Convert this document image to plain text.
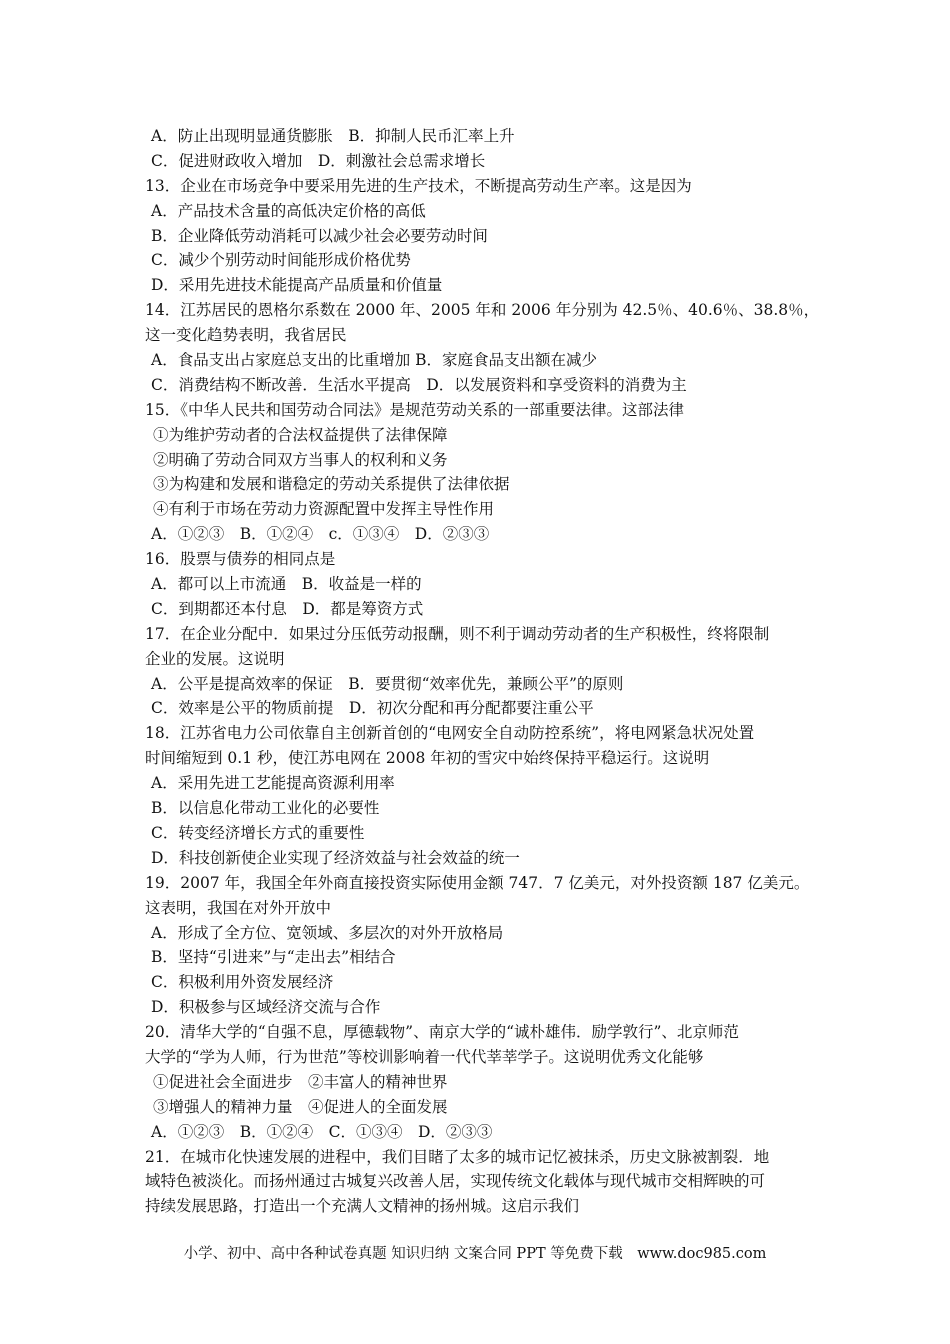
A．防止出现明显通货膨胀　B．抑制人民币汇率上升
C．促进财政收入增加　D．刺激社会总需求增长
13．企业在市场竞争中要采用先进的生产技术，不断提高劳动生产率。这是因为
A．产品技术含量的高低决定价格的高低
B．企业降低劳动消耗可以减少社会必要劳动时间
C．减少个别劳动时间能形成价格优势
D．采用先进技术能提高产品质量和价值量
14．江苏居民的恩格尔系数在 2000 年、2005 年和 2006 年分别为 42.5％、40.6％、38.8％，
这一变化趋势表明，我省居民
A．食品支出占家庭总支出的比重增加 B．家庭食品支出额在减少
C．消费结构不断改善．生活水平提高　D．以发展资料和享受资料的消费为主
15．《中华人民共和国劳动合同法》是规范劳动关系的一部重要法律。这部法律
①为维护劳动者的合法权益提供了法律保障
②明确了劳动合同双方当事人的权利和义务
③为构建和发展和谐稳定的劳动关系提供了法律依据
④有利于市场在劳动力资源配置中发挥主导性作用
A．①②③　B．①②④　c．①③④　D．②③③
16．股票与债券的相同点是
A．都可以上市流通　B．收益是一样的
C．到期都还本付息　D．都是筹资方式
17．在企业分配中．如果过分压低劳动报酬，则不利于调动劳动者的生产积极性，终将限制
企业的发展。这说明
A．公平是提高效率的保证　B．要贯彻“效率优先，兼顾公平”的原则
C．效率是公平的物质前提　D．初次分配和再分配都要注重公平
18．江苏省电力公司依靠自主创新首创的“电网安全自动防控系统”，将电网紧急状况处置
时间缩短到 0.1 秒，使江苏电网在 2008 年初的雪灾中始终保持平稳运行。这说明
A．采用先进工艺能提高资源利用率
B．以信息化带动工业化的必要性
C．转变经济增长方式的重要性
D．科技创新使企业实现了经济效益与社会效益的统一
19．2007 年，我国全年外商直接投资实际使用金额 747．7 亿美元，对外投资额 187 亿美元。
这表明，我国在对外开放中
A．形成了全方位、宽领域、多层次的对外开放格局
B．坚持“引进来”与“走出去”相结合
C．积极利用外资发展经济
D．积极参与区域经济交流与合作
20．清华大学的“自强不息，厚德载物”、南京大学的“诚朴雄伟．励学敦行”、北京师范
大学的“学为人师，行为世范”等校训影响着一代代莘莘学子。这说明优秀文化能够
①促进社会全面进步　②丰富人的精神世界
③增强人的精神力量　④促进人的全面发展
A．①②③　B．①②④　C．①③④　D．②③③
21．在城市化快速发展的进程中，我们目睹了太多的城市记忆被抹杀，历史文脉被割裂．地
域特色被淡化。而扬州通过古城复兴改善人居，实现传统文化载体与现代城市交相辉映的可
持续发展思路，打造出一个充满人文精神的扬州城。这启示我们
小学、初中、高中各种试卷真题 知识归纳 文案合同 PPT 等免费下载　www.doc985.com
